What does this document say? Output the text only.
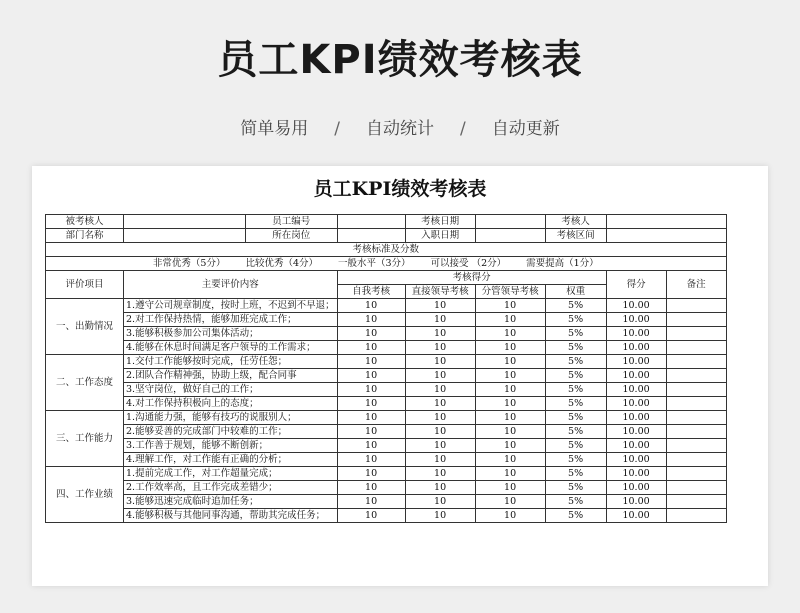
员工KPI绩效考核表
简单易用 / 自动统计 / 自动更新
员工KPI绩效考核表
被考核人		员工编号		考核日期		考核人		
部门名称		所在岗位		入职日期		考核区间		
考核标准及分数								
非常优秀（5分） 比较优秀（4分） 一般水平（3分） 可以接受 （2分） 需要提高（1分）								
评价项目	主要评价内容		考核得分				得分	备注
			自我考核	直接领导考核	分管领导考核	权重		
一、出勤情况	1.遵守公司规章制度，按时上班，不迟到不早退；		10	10	10	5%	10.00	
	2.对工作保持热情，能够加班完成工作；		10	10	10	5%	10.00	
	3.能够积极参加公司集体活动；		10	10	10	5%	10.00	
	4.能够在休息时间满足客户领导的工作需求；		10	10	10	5%	10.00	
二、工作态度	1.交付工作能够按时完成，任劳任怨；		10	10	10	5%	10.00	
	2.团队合作精神强，协助上级，配合同事		10	10	10	5%	10.00	
	3.坚守岗位，做好自己的工作；		10	10	10	5%	10.00	
	4.对工作保持积极向上的态度；		10	10	10	5%	10.00	
三、工作能力	1.沟通能力强，能够有技巧的说服别人；		10	10	10	5%	10.00	
	2.能够妥善的完成部门中较难的工作；		10	10	10	5%	10.00	
	3.工作善于规划，能够不断创新；		10	10	10	5%	10.00	
	4.理解工作，对工作能有正确的分析；		10	10	10	5%	10.00	
四、工作业绩	1.提前完成工作，对工作超量完成；		10	10	10	5%	10.00	
	2.工作效率高，且工作完成差错少；		10	10	10	5%	10.00	
	3.能够迅速完成临时追加任务；		10	10	10	5%	10.00	
	4.能够积极与其他同事沟通，帮助其完成任务；		10	10	10	5%	10.00	
